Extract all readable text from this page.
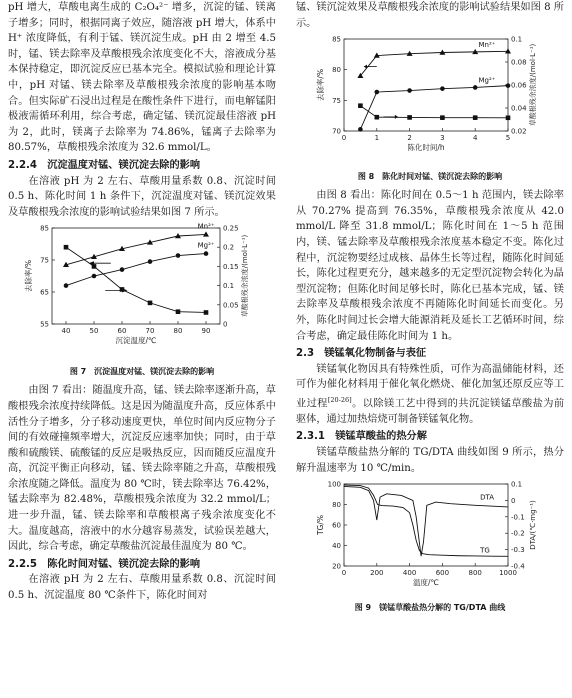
pH 增大，草酸电离生成的 C₂O₄²⁻ 增多，沉淀的锰、镁离子增多；同时，根据同离子效应，随溶液 pH 增大，体系中 H⁺ 浓度降低，有利于锰、镁沉淀生成。pH 由 2 增至 4.5 时，锰、镁去除率及草酸根残余浓度变化不大，溶液成分基本保持稳定，即沉淀反应已基本完全。模拟试验和理论计算中，pH 对锰、镁去除率及草酸根残余浓度的影响基本吻合。但实际矿石浸出过程是在酸性条件下进行，而电解锰阳极液需循环利用，综合考虑，确定锰、镁沉淀最佳溶液 pH 为 2，此时，镁离子去除率为 74.86%，锰离子去除率为 80.57%，草酸根残余浓度为 32.6 mmol/L。

2.2.4　沉淀温度对锰、镁沉淀去除的影响

在溶液 pH 为 2 左右、草酸用量系数 0.8、沉淀时间 0.5 h、陈化时间 1 h 条件下，沉淀温度对锰、镁沉淀效果及草酸根残余浓度的影响试验结果如图 7 所示。

40	50	60	70	80	90
55
65
75
85
0
0.05
0.1
0.15
0.2
0.25
沉淀温度/℃
去除率/%	草酸根残余浓度/(mol·L⁻¹)
Mn²⁺
Mg²⁺
图 7　沉淀温度对锰、镁沉淀去除的影响

由图 7 看出：随温度升高，锰、镁去除率逐渐升高，草酸根残余浓度持续降低。这是因为随温度升高，反应体系中活性分子增多，分子移动速度更快，单位时间内反应物分子间的有效碰撞频率增大，沉淀反应速率加快；同时，由于草酸和硫酸镁、硫酸锰的反应是吸热反应，因而随反应温度升高，沉淀平衡正向移动，锰、镁去除率随之升高，草酸根残余浓度随之降低。温度为 80 ℃时，镁去除率达 76.42%，锰去除率为 82.48%，草酸根残余浓度为 32.2 mmol/L；进一步升温，锰、镁去除率和草酸根离子残余浓度变化不大。温度越高，溶液中的水分越容易蒸发，试验误差越大，因此，综合考虑，确定草酸盐沉淀最佳温度为 80 ℃。

2.2.5　陈化时间对锰、镁沉淀去除的影响

在溶液 pH 为 2 左右、草酸用量系数 0.8、沉淀时间 0.5 h、沉淀温度 80 ℃条件下，陈化时间对

锰、镁沉淀效果及草酸根残余浓度的影响试验结果如图 8 所示。

0	1	2	3	4	5
70
75
80
85
0.02
0.04
0.06
0.08
0.1
陈化时间/h
去除率/%	草酸根残余浓度/(mol·L⁻¹)
Mn²⁺
Mg²⁺
图 8　陈化时间对锰、镁沉淀去除的影响

由图 8 看出：陈化时间在 0.5～1 h 范围内，镁去除率从 70.27% 提高到 76.35%，草酸根残余浓度从 42.0 mmol/L 降至 31.8 mmol/L；陈化时间在 1～5 h 范围内，镁、锰去除率及草酸根残余浓度基本稳定不变。陈化过程中，沉淀物要经过成核、晶体生长等过程，随陈化时间延长，陈化过程更充分，越来越多的无定型沉淀物会转化为晶型沉淀物；但陈化时间足够长时，陈化已基本完成，锰、镁去除率及草酸根残余浓度不再随陈化时间延长而变化。另外，陈化时间过长会增大能源消耗及延长工艺循环时间，综合考虑，确定最佳陈化时间为 1 h。

2.3　镁锰氧化物制备与表征

镁锰氧化物因具有特殊性质，可作为高温储能材料，还可作为催化材料用于催化氧化燃烧、催化加氢还原反应等工业过程[20-26]。以除镁工艺中得到的共沉淀镁锰草酸盐为前驱体，通过加热焙烧可制备镁锰氧化物。

2.3.1　镁锰草酸盐的热分解

镁锰草酸盐热分解的 TG/DTA 曲线如图 9 所示，热分解升温速率为 10 ℃/min。

0	200	400	600	800 1000
20
40
60
80
100
-0.4
-0.3
-0.2
-0.1
0
0.1
温度/℃
TG/%	DTA/(℃·mg⁻¹)
DTA
TG
图 9　镁锰草酸盐热分解的 TG/DTA 曲线
